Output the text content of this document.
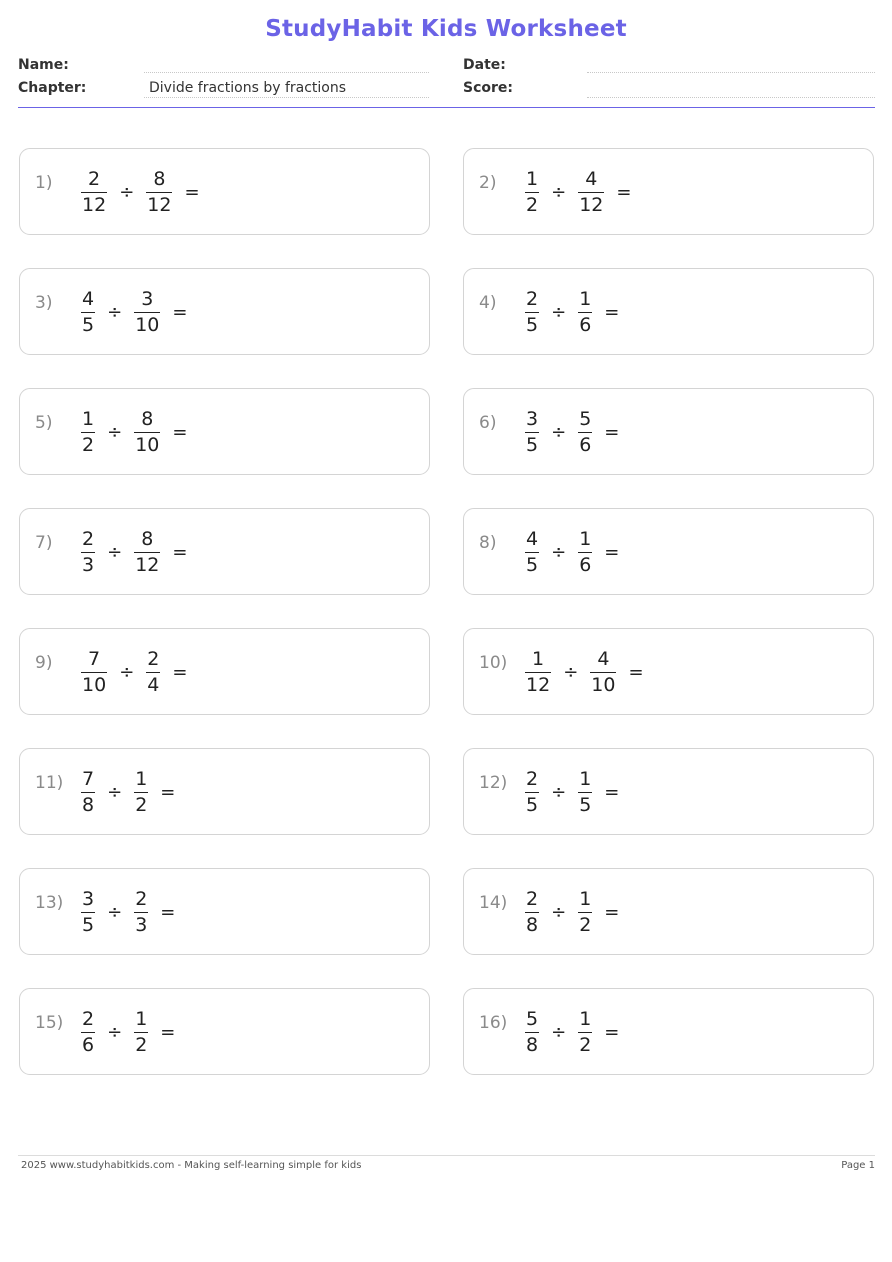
StudyHabit Kids Worksheet
Name:
Chapter:	Divide fractions by fractions
Date:
Score:
$1) \frac{2}{12} \div \frac{8}{12}$ =	$2) \frac{1}{2} \div \frac{4}{12}$ =
$3) \frac{4}{5} \div \frac{3}{10}$ =	$4) \frac{2}{5} \div \frac{1}{6}$ =
$5) \frac{1}{2} \div \frac{8}{10}$ =	$6) \frac{3}{5} \div \frac{5}{6}$ =
$7) \frac{2}{3} \div \frac{8}{12}$ =	$8) \frac{4}{5} \div \frac{1}{6}$ =
$9) \frac{7}{10} \div \frac{2}{4}$ =	$10) \frac{1}{12} \div \frac{4}{10}$ =
$11) \frac{7}{8} \div \frac{1}{2}$ =	$12) \frac{2}{5} \div \frac{1}{5}$ =
$13) \frac{3}{5} \div \frac{2}{3}$ =	$14) \frac{2}{8} \div \frac{1}{2}$ =
$15) \frac{2}{6} \div \frac{1}{2}$ =	$16) \frac{5}{8} \div \frac{1}{2}$ =
2025 www.studyhabitkids.com - Making self-learning simple for kids	Page 1
